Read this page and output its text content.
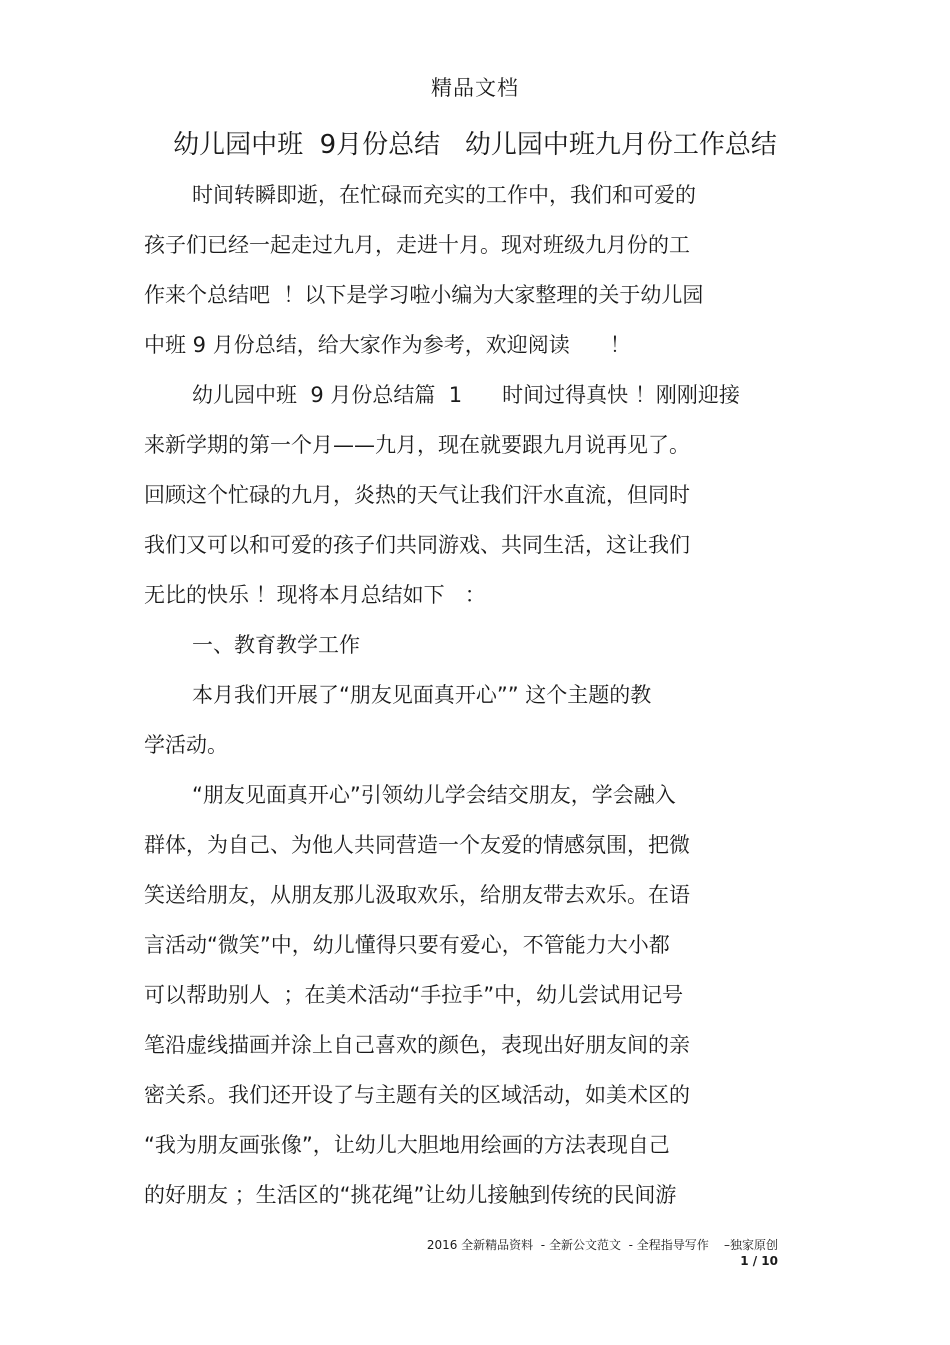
精品文档
幼儿园中班  9月份总结   幼儿园中班九月份工作总结
时间转瞬即逝，在忙碌而充实的工作中，我们和可爱的
孩子们已经一起走过九月，走进十月。现对班级九月份的工
作来个总结吧  ！以下是学习啦小编为大家整理的关于幼儿园
中班 9 月份总结，给大家作为参考，欢迎阅读      ！
幼儿园中班  9 月份总结篇  1      时间过得真快 ！刚刚迎接
来新学期的第一个月——九月，现在就要跟九月说再见了。
回顾这个忙碌的九月，炎热的天气让我们汗水直流，但同时
我们又可以和可爱的孩子们共同游戏、共同生活，这让我们
无比的快乐 ！现将本月总结如下   ：
一、教育教学工作
本月我们开展了“朋友见面真开心”” 这个主题的教
学活动。
“朋友见面真开心”引领幼儿学会结交朋友，学会融入
群体，为自己、为他人共同营造一个友爱的情感氛围，把微
笑送给朋友，从朋友那儿汲取欢乐，给朋友带去欢乐。在语
言活动“微笑”中，幼儿懂得只要有爱心，不管能力大小都
可以帮助别人  ；在美术活动“手拉手”中，幼儿尝试用记号
笔沿虚线描画并涂上自己喜欢的颜色，表现出好朋友间的亲
密关系。我们还开设了与主题有关的区域活动，如美术区的
“我为朋友画张像”，让幼儿大胆地用绘画的方法表现自己
的好朋友 ；生活区的“挑花绳”让幼儿接触到传统的民间游
2016 全新精品资料  - 全新公文范文  - 全程指导写作    –独家原创
1 / 10
